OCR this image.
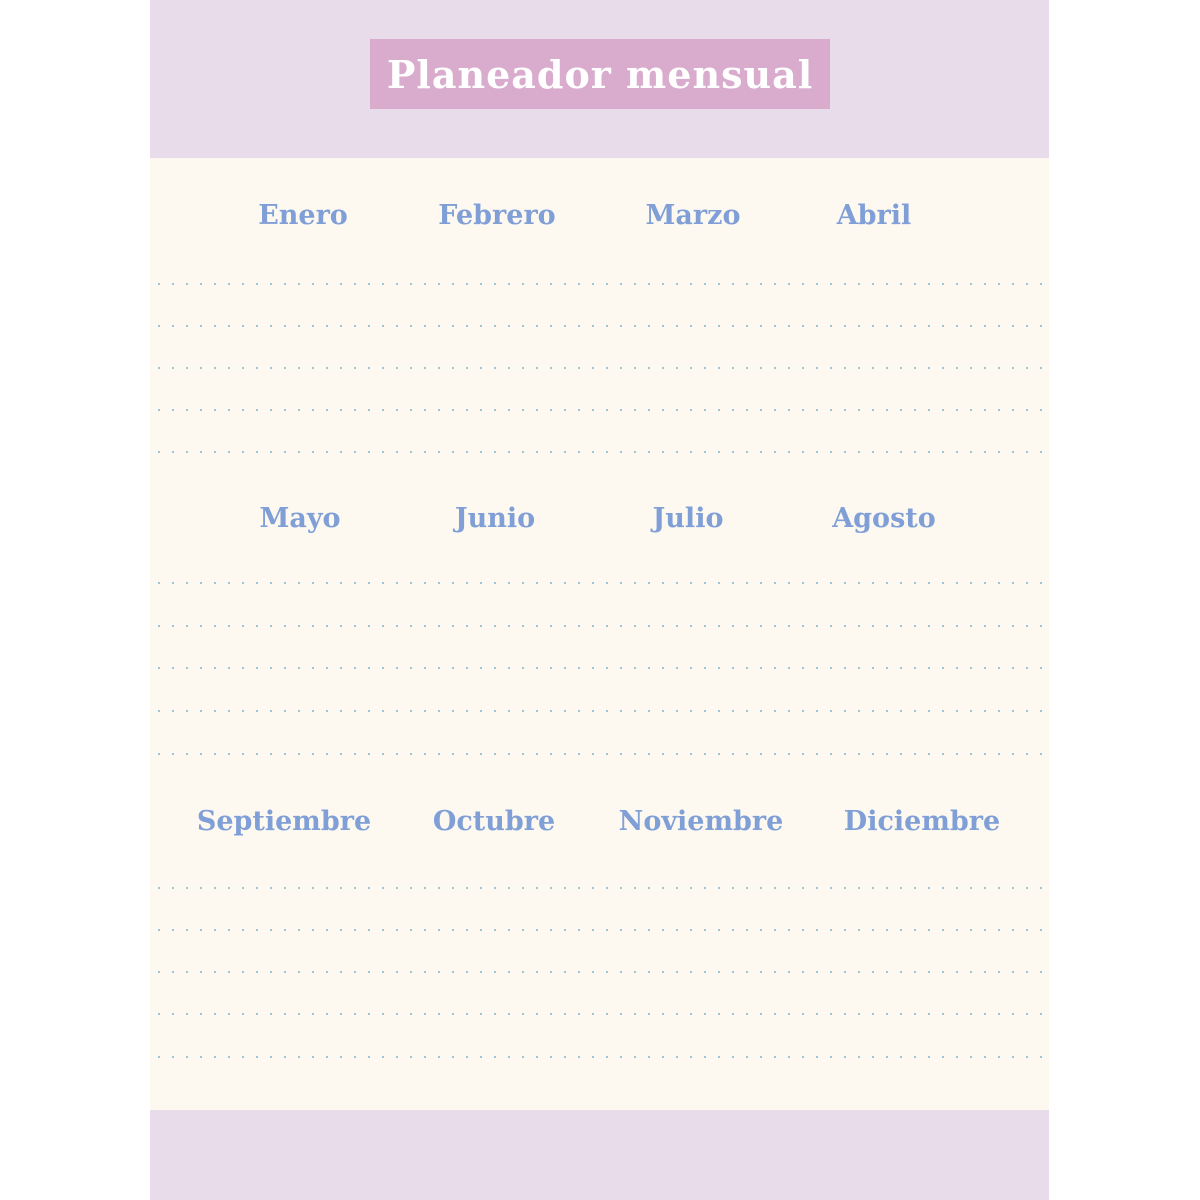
Planeador mensual
Enero	Febrero	Marzo	Abril
Mayo	Junio	Julio	Agosto
Septiembre Octubre Noviembre Diciembre
